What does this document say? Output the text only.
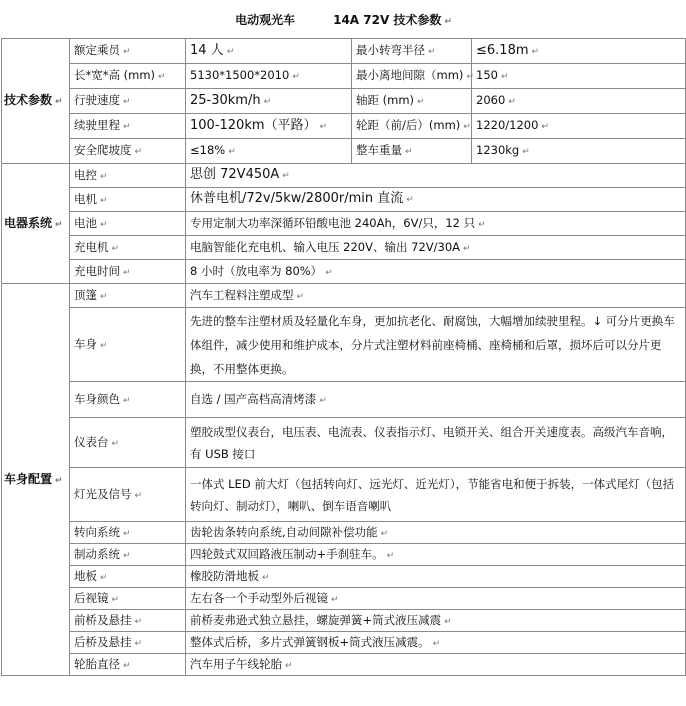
电动观光车 14A 72V 技术参数 ↵				
技术参数 ↵	额定乘员 ↵	14 人 ↵	最小转弯半径 ↵	≤6.18m ↵
	长*宽*高 (mm) ↵	5130*1500*2010 ↵	最小离地间隙（mm) ↵	150 ↵
	行驶速度 ↵	25-30km/h ↵	轴距 (mm) ↵	2060 ↵
	续驶里程 ↵	100-120km（平路） ↵	轮距（前/后）(mm) ↵	1220/1200 ↵
	安全爬坡度 ↵	≤18% ↵	整车重量 ↵	1230kg ↵
电器系统 ↵	电控 ↵	思创 72V450A ↵		
	电机 ↵	休普电机/72v/5kw/2800r/min 直流 ↵		
	电池 ↵	专用定制大功率深循环铅酸电池 240Ah，6V/只，12 只 ↵		
	充电机 ↵	电脑智能化充电机、输入电压 220V、输出 72V/30A ↵		
	充电时间 ↵	8 小时（放电率为 80%） ↵		
车身配置 ↵	顶篷 ↵	汽车工程料注塑成型 ↵		
	车身 ↵	先进的整车注塑材质及轻量化车身，更加抗老化、耐腐蚀，大幅增加续驶里程。↓ 可分片更换车体组件，减少使用和维护成本，分片式注塑材料前座椅桶、座椅桶和后罩，损坏后可以分片更换，不用整体更换。		
	车身颜色 ↵	自选 / 国产高档高清烤漆 ↵		
	仪表台 ↵	塑胶成型仪表台，电压表、电流表、仪表指示灯、电锁开关、组合开关速度表。高级汽车音响，有 USB 接口		
	灯光及信号 ↵	一体式 LED 前大灯（包括转向灯、远光灯、近光灯），节能省电和便于拆装，一体式尾灯（包括转向灯、制动灯），喇叭、倒车语音喇叭		
	转向系统 ↵	齿轮齿条转向系统,自动间隙补偿功能 ↵		
	制动系统 ↵	四轮鼓式双回路液压制动+手刹驻车。 ↵		
	地板 ↵	橡胶防滑地板 ↵		
	后视镜 ↵	左右各一个手动型外后视镜 ↵		
	前桥及悬挂 ↵	前桥麦弗逊式独立悬挂，螺旋弹簧+筒式液压减震 ↵		
	后桥及悬挂 ↵	整体式后桥，多片式弹簧钢板+筒式液压减震。 ↵		
	轮胎直径 ↵	汽车用子午线轮胎 ↵		
